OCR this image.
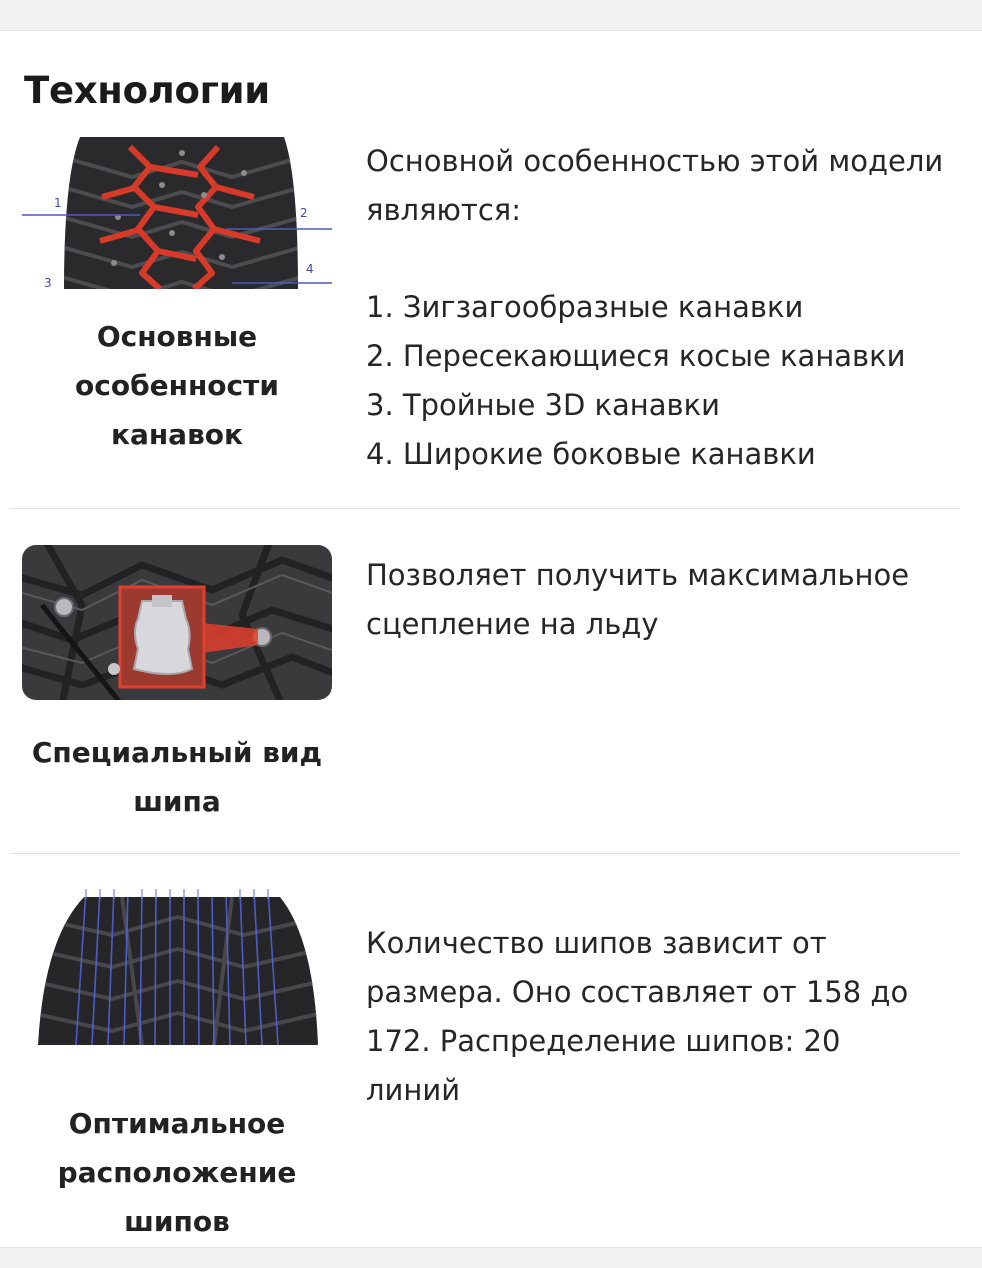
Технологии
1
2
3
4
Основные особенности канавок

Основной особенностью этой модели являются:

1. Зигзагообразные канавки
2. Пересекающиеся косые канавки
3. Тройные 3D канавки
4. Широкие боковые канавки
Специальный вид шипа

Позволяет получить максимальное сцепление на льду

Оптимальное расположение шипов

Количество шипов зависит от размера. Оно составляет от 158 до 172. Распределение шипов: 20 линий
